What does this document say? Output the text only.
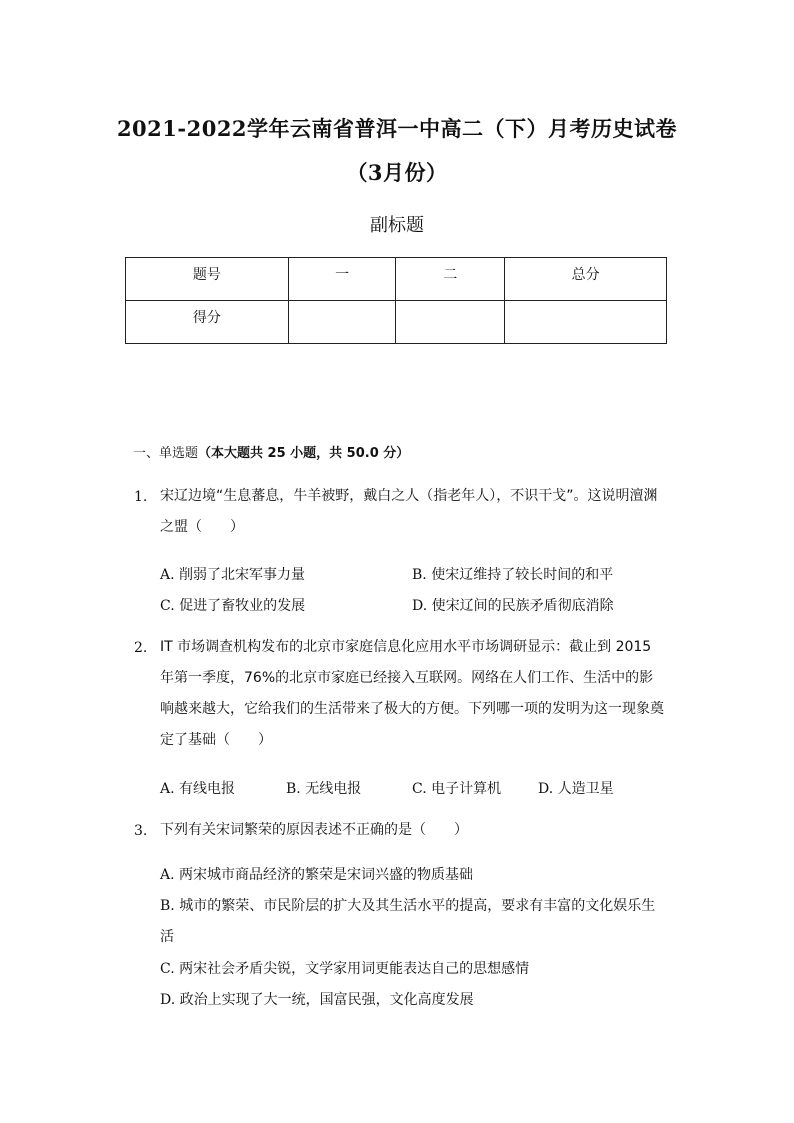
2021-2022学年云南省普洱一中高二（下）月考历史试卷
（3月份）
副标题
题号	一	二	总分
得分			
一、单选题（本大题共 25 小题，共 50.0 分）
1. 宋辽边境“生息蕃息，牛羊被野，戴白之人（指老年人），不识干戈”。这说明澶渊之盟（　　）
A. 削弱了北宋军事力量	B. 使宋辽维持了较长时间的和平
C. 促进了畜牧业的发展	D. 使宋辽间的民族矛盾彻底消除
2. IT 市场调查机构发布的北京市家庭信息化应用水平市场调研显示：截止到 2015 年第一季度，76%的北京市家庭已经接入互联网。网络在人们工作、生活中的影响越来越大，它给我们的生活带来了极大的方便。下列哪一项的发明为这一现象奠定了基础（　　）
A. 有线电报	B. 无线电报	C. 电子计算机	D. 人造卫星
3. 下列有关宋词繁荣的原因表述不正确的是（　　）
A. 两宋城市商品经济的繁荣是宋词兴盛的物质基础
B. 城市的繁荣、市民阶层的扩大及其生活水平的提高，要求有丰富的文化娱乐生活
C. 两宋社会矛盾尖锐，文学家用词更能表达自己的思想感情
D. 政治上实现了大一统，国富民强，文化高度发展
